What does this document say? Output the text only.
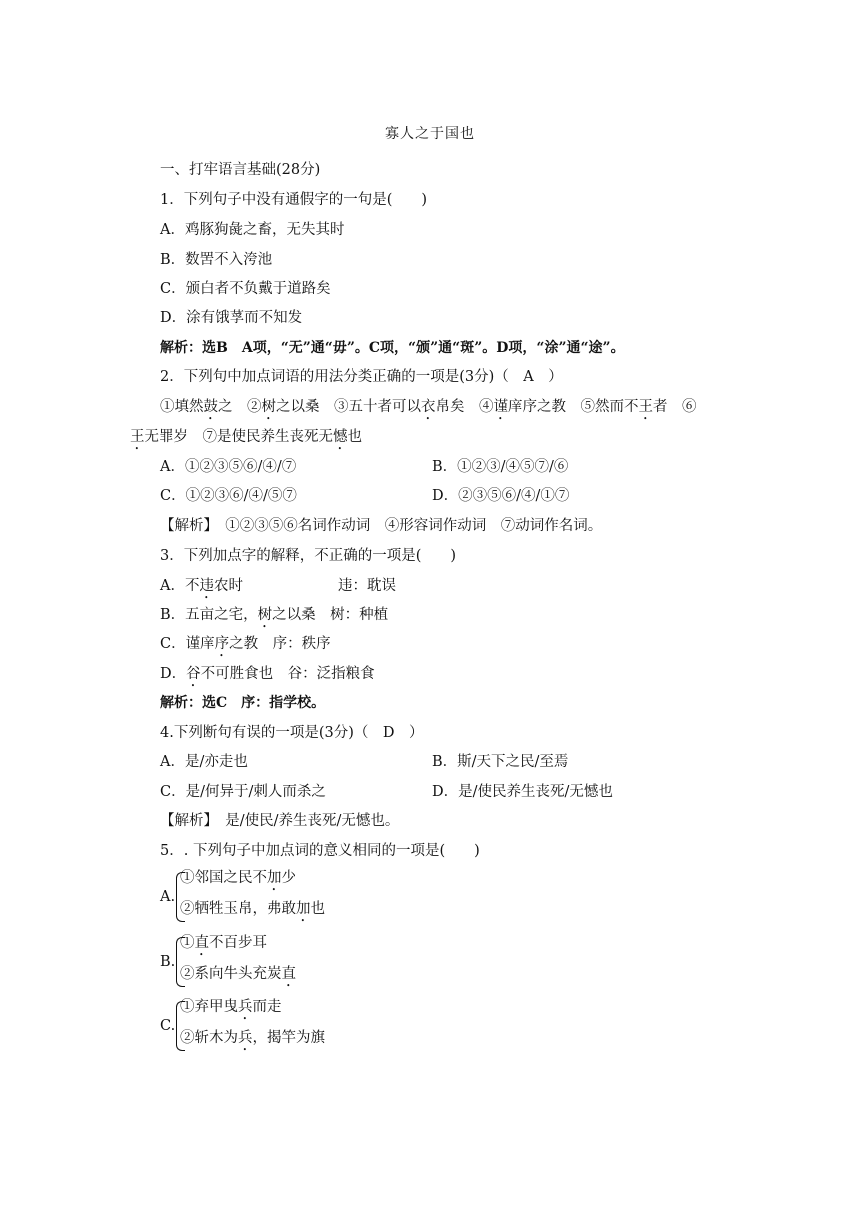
寡人之于国也
一、打牢语言基础(28分)
1．下列句子中没有通假字的一句是(　　)
A．鸡豚狗彘之畜，无失其时
B．数罟不入洿池
C．颁白者不负戴于道路矣
D．涂有饿莩而不知发
解析：选B　A项，“无”通“毋”。C项，“颁”通“斑”。D项，“涂”通“途”。
2．下列句中加点词语的用法分类正确的一项是(3分)（　A　）
①填然鼓之　②树之以桑　③五十者可以衣帛矣　④谨庠序之教　⑤然而不王者　⑥
王无罪岁　⑦是使民养生丧死无憾也
A．①②③⑤⑥/④/⑦	B．①②③/④⑤⑦/⑥
C．①②③⑥/④/⑤⑦	D．②③⑤⑥/④/①⑦
【解析】　①②③⑤⑥名词作动词　④形容词作动词　⑦动词作名词。
3．下列加点字的解释，不正确的一项是(　　)
A．不违农时	违：耽误
B．五亩之宅，树之以桑　树：种植
C．谨庠序之教　序：秩序
D．谷不可胜食也　谷：泛指粮食
解析：选C　序：指学校。
4.下列断句有误的一项是(3分)（　D　）
A．是/亦走也	B．斯/天下之民/至焉
C．是/何异于/刺人而杀之	D．是/使民养生丧死/无憾也
【解析】　是/使民/养生丧死/无憾也。
5．. 下列句子中加点词的意义相同的一项是(　　)
A.
①邻国之民不加少
②牺牲玉帛，弗敢加也
B.
①直不百步耳
②系向牛头充炭直
C.
①弃甲曳兵而走
②斩木为兵，揭竿为旗
